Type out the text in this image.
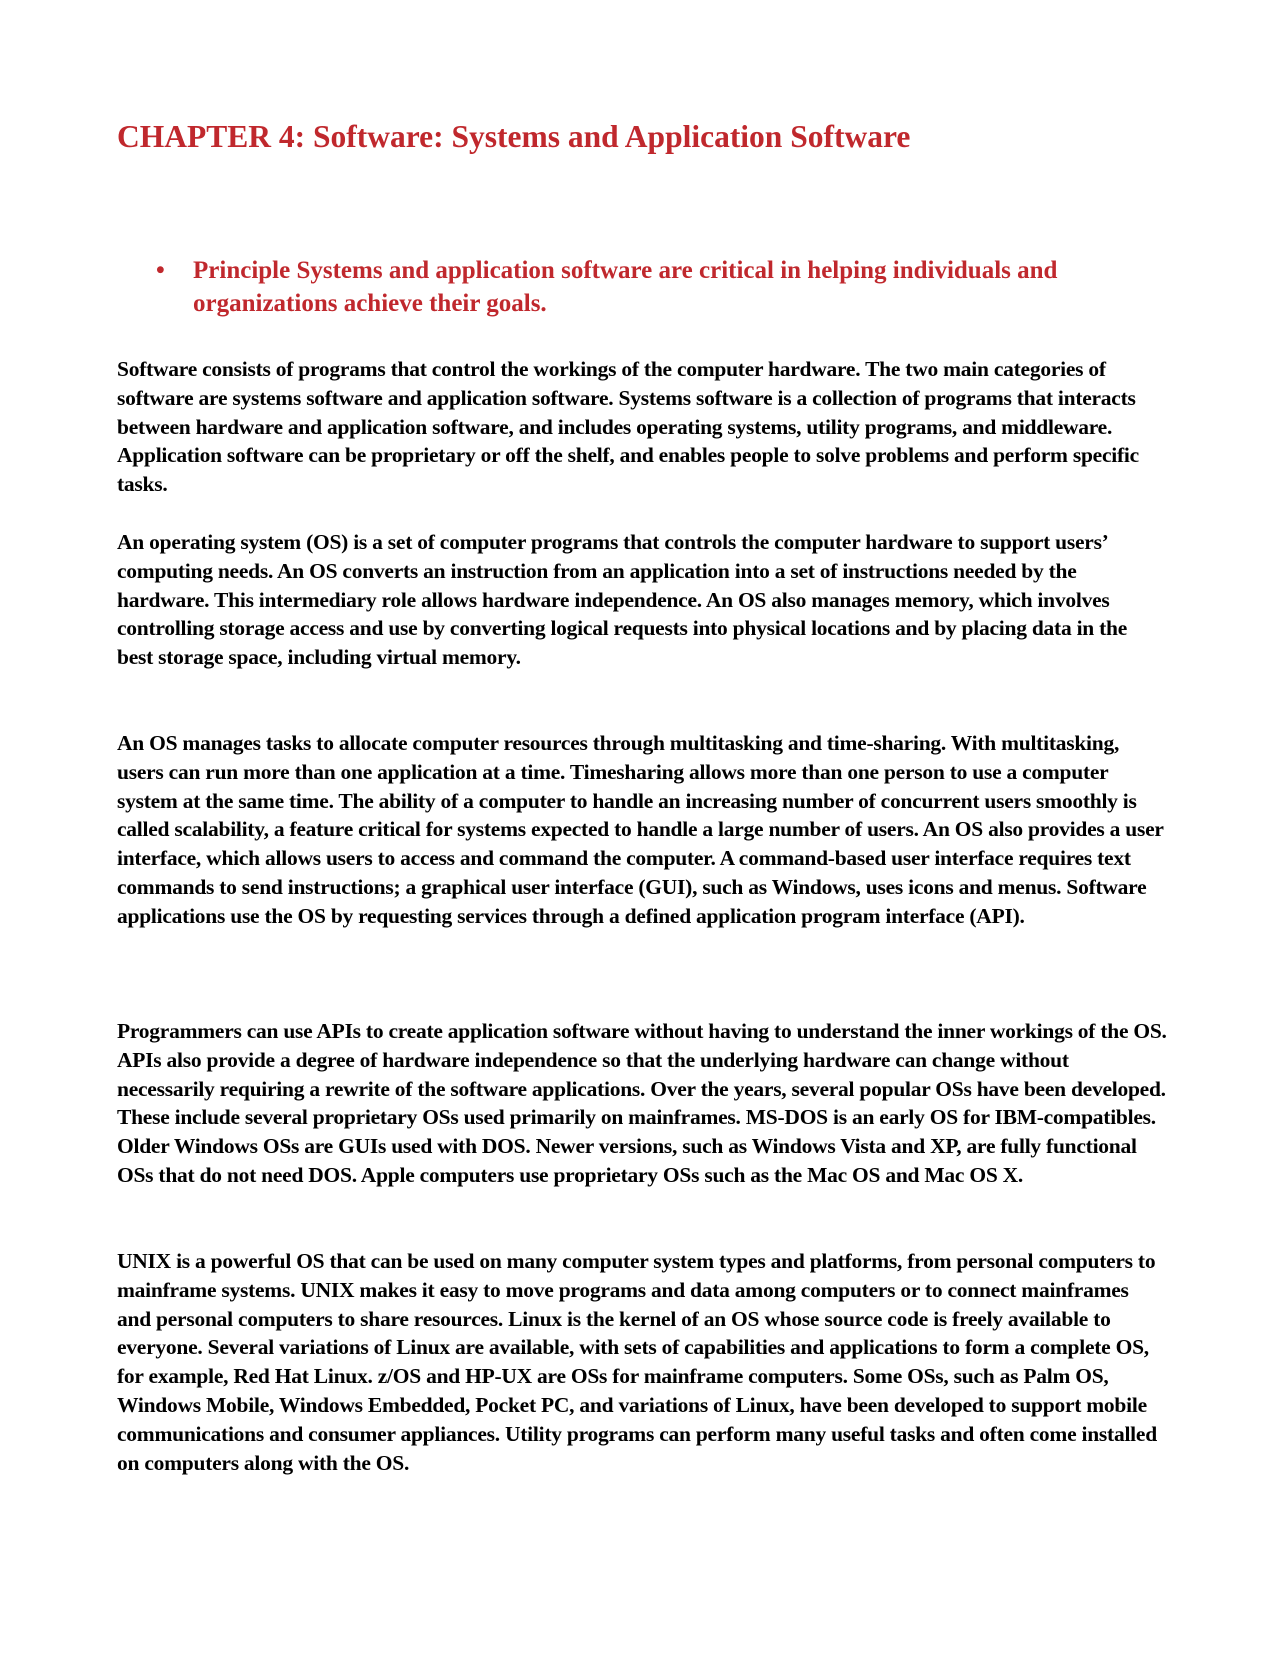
CHAPTER 4: Software: Systems and Application Software
•	Principle Systems and application software are critical in helping individuals and organizations achieve their goals.

Software consists of programs that control the workings of the computer hardware. The two main categories of software are systems software and application software. Systems software is a collection of programs that interacts between hardware and application software, and includes operating systems, utility programs, and middleware. Application software can be proprietary or off the shelf, and enables people to solve problems and perform specific tasks.

An operating system (OS) is a set of computer programs that controls the computer hardware to support users’ computing needs. An OS converts an instruction from an application into a set of instructions needed by the hardware. This intermediary role allows hardware independence. An OS also manages memory, which involves controlling storage access and use by converting logical requests into physical locations and by placing data in the best storage space, including virtual memory.

An OS manages tasks to allocate computer resources through multitasking and time-sharing. With multitasking, users can run more than one application at a time. Timesharing allows more than one person to use a computer system at the same time. The ability of a computer to handle an increasing number of concurrent users smoothly is called scalability, a feature critical for systems expected to handle a large number of users. An OS also provides a user interface, which allows users to access and command the computer. A command-based user interface requires text commands to send instructions; a graphical user interface (GUI), such as Windows, uses icons and menus. Software applications use the OS by requesting services through a defined application program interface (API).

Programmers can use APIs to create application software without having to understand the inner workings of the OS. APIs also provide a degree of hardware independence so that the underlying hardware can change without necessarily requiring a rewrite of the software applications. Over the years, several popular OSs have been developed. These include several proprietary OSs used primarily on mainframes. MS-DOS is an early OS for IBM-compatibles. Older Windows OSs are GUIs used with DOS. Newer versions, such as Windows Vista and XP, are fully functional OSs that do not need DOS. Apple computers use proprietary OSs such as the Mac OS and Mac OS X.

UNIX is a powerful OS that can be used on many computer system types and platforms, from personal computers to mainframe systems. UNIX makes it easy to move programs and data among computers or to connect mainframes and personal computers to share resources. Linux is the kernel of an OS whose source code is freely available to everyone. Several variations of Linux are available, with sets of capabilities and applications to form a complete OS, for example, Red Hat Linux. z/OS and HP-UX are OSs for mainframe computers. Some OSs, such as Palm OS, Windows Mobile, Windows Embedded, Pocket PC, and variations of Linux, have been developed to support mobile communications and consumer appliances. Utility programs can perform many useful tasks and often come installed on computers along with the OS.
